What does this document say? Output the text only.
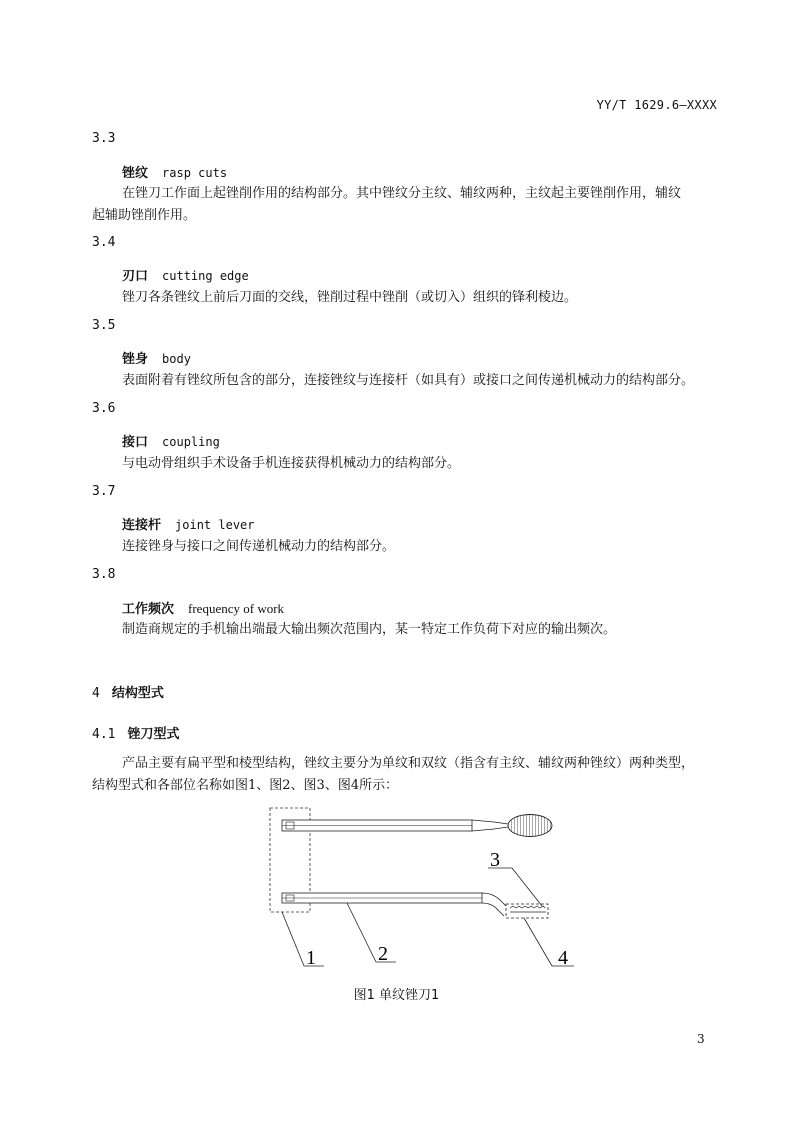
YY/T 1629.6—XXXX
3.3
锉纹 rasp cuts
在锉刀工作面上起锉削作用的结构部分。其中锉纹分主纹、辅纹两种，主纹起主要锉削作用，辅纹
起辅助锉削作用。
3.4
刃口 cutting edge
锉刀各条锉纹上前后刀面的交线，锉削过程中锉削（或切入）组织的锋利棱边。
3.5
锉身 body
表面附着有锉纹所包含的部分，连接锉纹与连接杆（如具有）或接口之间传递机械动力的结构部分。
3.6
接口 coupling
与电动骨组织手术设备手机连接获得机械动力的结构部分。
3.7
连接杆 joint lever
连接锉身与接口之间传递机械动力的结构部分。
3.8
工作频次 frequency of work
制造商规定的手机输出端最大输出频次范围内，某一特定工作负荷下对应的输出频次。
4 结构型式
4.1 锉刀型式
产品主要有扁平型和棱型结构，锉纹主要分为单纹和双纹（指含有主纹、辅纹两种锉纹）两种类型，
结构型式和各部位名称如图1、图2、图3、图4所示：
1	2
3
4
图1 单纹锉刀1
3
